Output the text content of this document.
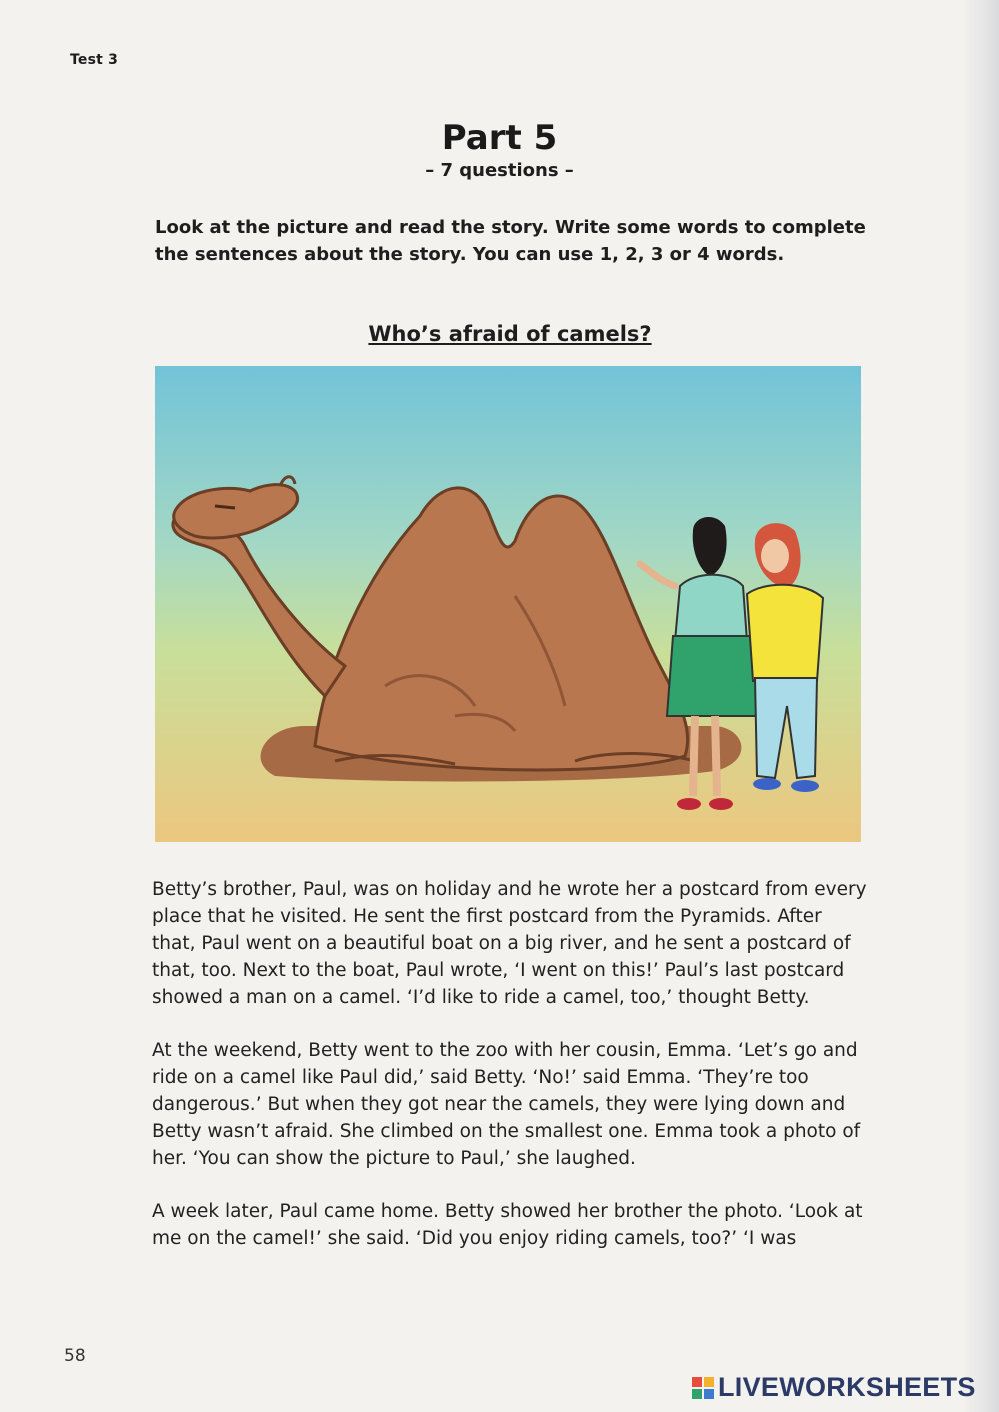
Test 3
Part 5
– 7 questions –
Look at the picture and read the story. Write some words to complete the sentences about the story. You can use 1, 2, 3 or 4 words.
Who’s afraid of camels?

Betty’s brother, Paul, was on holiday and he wrote her a postcard from every place that he visited. He sent the first postcard from the Pyramids. After that, Paul went on a beautiful boat on a big river, and he sent a postcard of that, too. Next to the boat, Paul wrote, ‘I went on this!’ Paul’s last postcard showed a man on a camel. ‘I’d like to ride a camel, too,’ thought Betty.

At the weekend, Betty went to the zoo with her cousin, Emma. ‘Let’s go and ride on a camel like Paul did,’ said Betty. ‘No!’ said Emma. ‘They’re too dangerous.’ But when they got near the camels, they were lying down and Betty wasn’t afraid. She climbed on the smallest one. Emma took a photo of her. ‘You can show the picture to Paul,’ she laughed.

A week later, Paul came home. Betty showed her brother the photo. ‘Look at me on the camel!’ she said. ‘Did you enjoy riding camels, too?’ ‘I was

58
LIVEWORKSHEETS
